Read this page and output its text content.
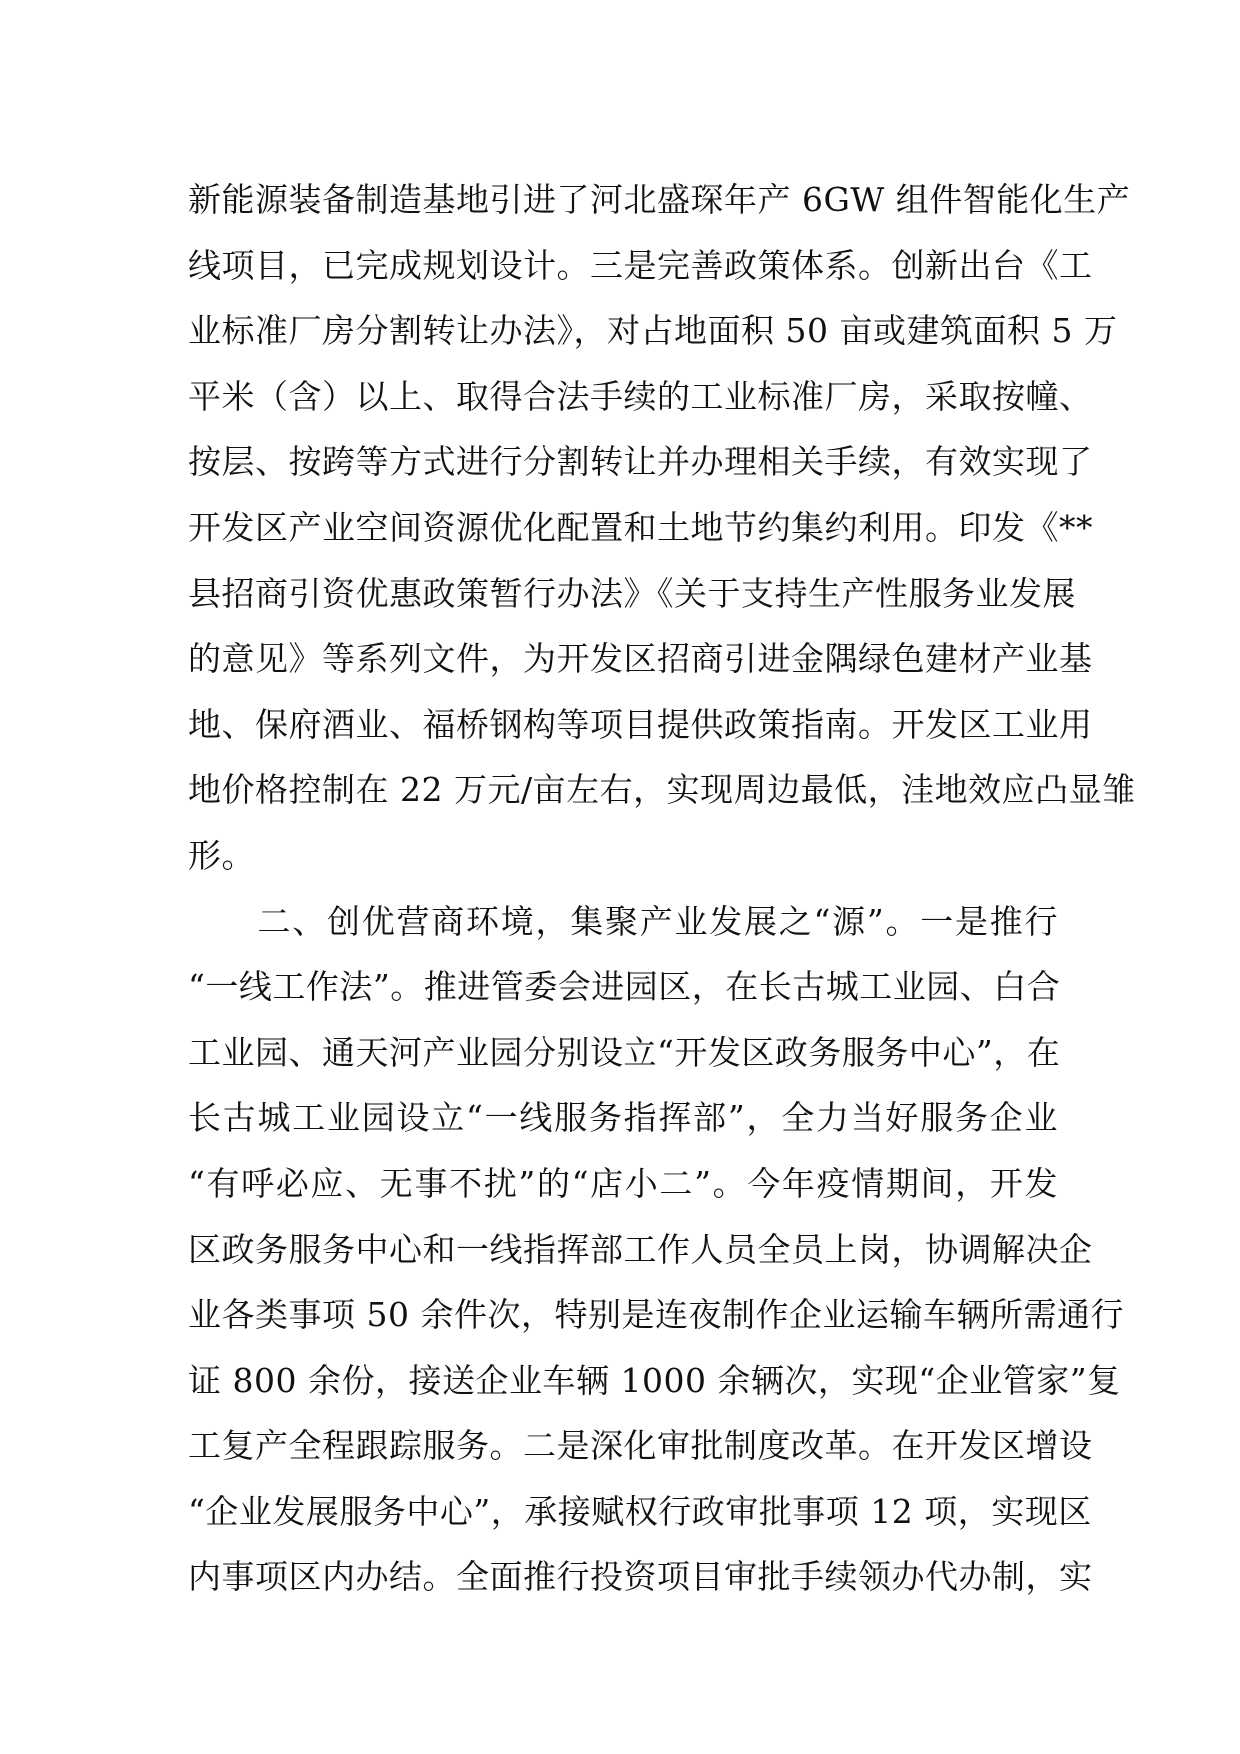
新能源装备制造基地引进了河北盛琛年产 6GW 组件智能化生产
线项目，已完成规划设计。三是完善政策体系。创新出台《工
业标准厂房分割转让办法》，对占地面积 50 亩或建筑面积 5 万
平米（含）以上、取得合法手续的工业标准厂房，采取按幢、
按层、按跨等方式进行分割转让并办理相关手续，有效实现了
开发区产业空间资源优化配置和土地节约集约利用。印发《**
县招商引资优惠政策暂行办法》《关于支持生产性服务业发展
的意见》等系列文件，为开发区招商引进金隅绿色建材产业基
地、保府酒业、福桥钢构等项目提供政策指南。开发区工业用
地价格控制在 22 万元/亩左右，实现周边最低，洼地效应凸显雏
形。
　　二、创优营商环境，集聚产业发展之“源”。一是推行
“一线工作法”。推进管委会进园区，在长古城工业园、白合
工业园、通天河产业园分别设立“开发区政务服务中心”，在
长古城工业园设立“一线服务指挥部”，全力当好服务企业
“有呼必应、无事不扰”的“店小二”。今年疫情期间，开发
区政务服务中心和一线指挥部工作人员全员上岗，协调解决企
业各类事项 50 余件次，特别是连夜制作企业运输车辆所需通行
证 800 余份，接送企业车辆 1000 余辆次，实现“企业管家”复
工复产全程跟踪服务。二是深化审批制度改革。在开发区增设
“企业发展服务中心”，承接赋权行政审批事项 12 项，实现区
内事项区内办结。全面推行投资项目审批手续领办代办制，实
